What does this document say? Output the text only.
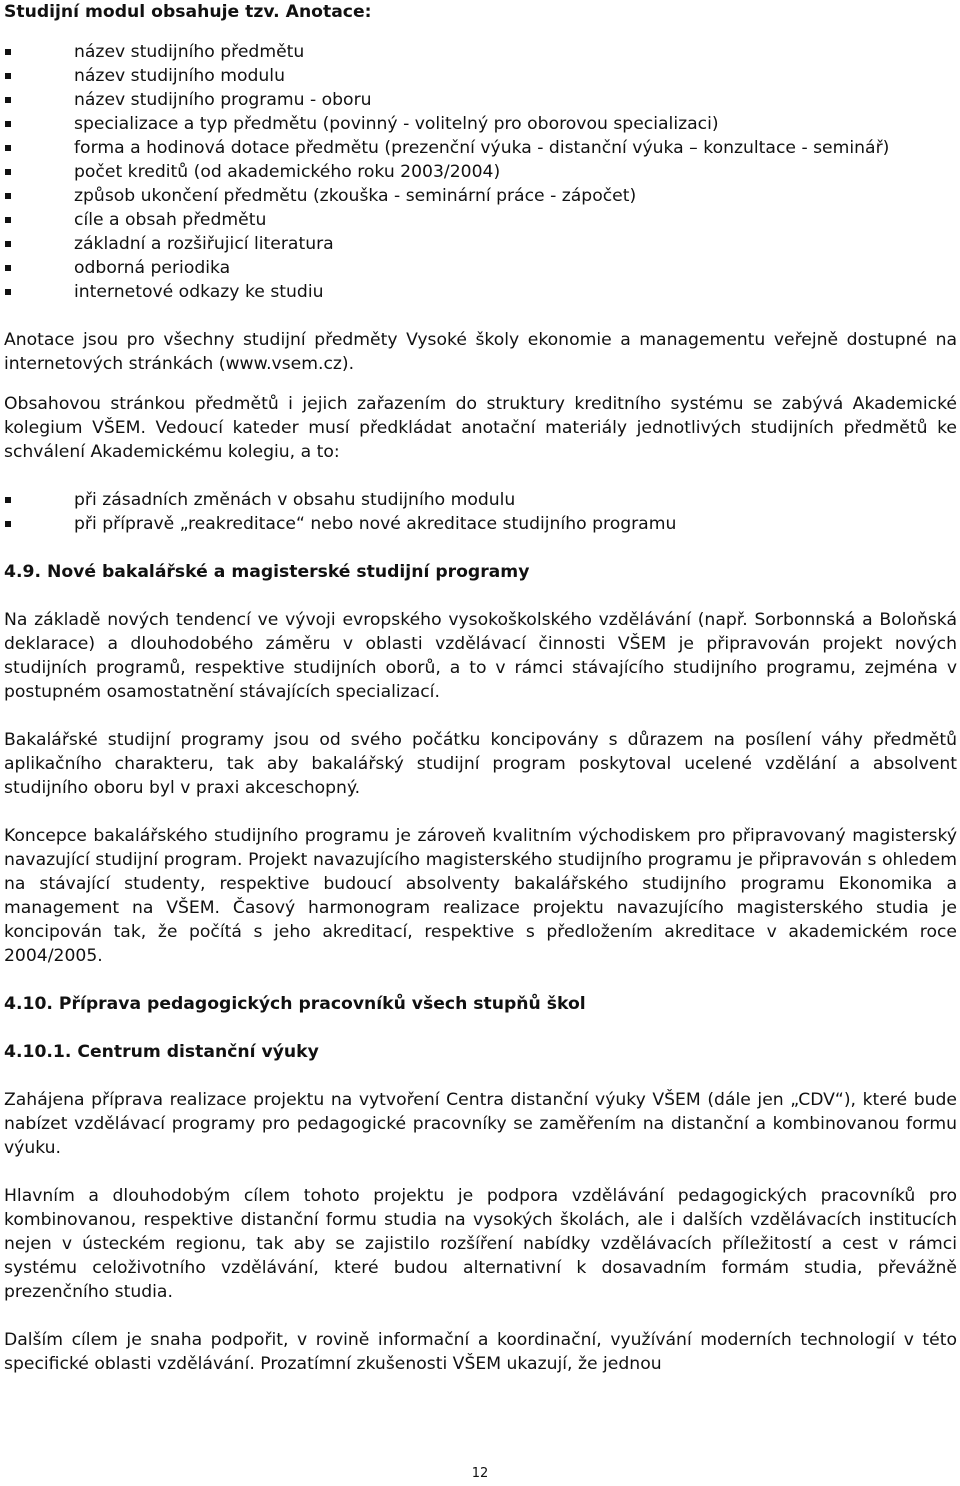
Studijní modul obsahuje tzv. Anotace:
název studijního předmětu
název studijního modulu
název studijního programu - oboru
specializace a typ předmětu (povinný - volitelný pro oborovou specializaci)
forma a hodinová dotace předmětu (prezenční výuka - distanční výuka – konzultace - seminář)
počet kreditů (od akademického roku 2003/2004)
způsob ukončení předmětu (zkouška - seminární práce - zápočet)
cíle a obsah předmětu
základní a rozšiřujicí literatura
odborná periodika
internetové odkazy ke studiu

Anotace jsou pro všechny studijní předměty Vysoké školy ekonomie a managementu veřejně dostupné na internetových stránkách (www.vsem.cz).

Obsahovou stránkou předmětů i jejich zařazením do struktury kreditního systému se zabývá Akademické kolegium VŠEM. Vedoucí kateder musí předkládat anotační materiály jednotlivých studijních předmětů ke schválení Akademickému kolegiu, a to:

při zásadních změnách v obsahu studijního modulu
při přípravě „reakreditace“ nebo nové akreditace studijního programu
4.9. Nové bakalářské a magisterské studijní programy

Na základě nových tendencí ve vývoji evropského vysokoškolského vzdělávání (např. Sorbonnská a Boloňská deklarace) a dlouhodobého záměru v oblasti vzdělávací činnosti VŠEM je připravován projekt nových studijních programů, respektive studijních oborů, a to v rámci stávajícího studijního programu, zejména v postupném osamostatnění stávajících specializací.

Bakalářské studijní programy jsou od svého počátku koncipovány s důrazem na posílení váhy předmětů aplikačního charakteru, tak aby bakalářský studijní program poskytoval ucelené vzdělání a absolvent studijního oboru byl v praxi akceschopný.

Koncepce bakalářského studijního programu je zároveň kvalitním východiskem pro připravovaný magisterský navazující studijní program. Projekt navazujícího magisterského studijního programu je připravován s ohledem na stávající studenty, respektive budoucí absolventy bakalářského studijního programu Ekonomika a management na VŠEM. Časový harmonogram realizace projektu navazujícího magisterského studia je koncipován tak, že počítá s jeho akreditací, respektive s předložením akreditace v akademickém roce 2004/2005.

4.10. Příprava pedagogických pracovníků všech stupňů škol
4.10.1. Centrum distanční výuky

Zahájena příprava realizace projektu na vytvoření Centra distanční výuky VŠEM (dále jen „CDV“), které bude nabízet vzdělávací programy pro pedagogické pracovníky se zaměřením na distanční a kombinovanou formu výuku.

Hlavním a dlouhodobým cílem tohoto projektu je podpora vzdělávání pedagogických pracovníků pro kombinovanou, respektive distanční formu studia na vysokých školách, ale i dalších vzdělávacích institucích nejen v ústeckém regionu, tak aby se zajistilo rozšíření nabídky vzdělávacích příležitostí a cest v rámci systému celoživotního vzdělávání, které budou alternativní k dosavadním formám studia, převážně prezenčního studia.

Dalším cílem je snaha podpořit, v rovině informační a koordinační, využívání moderních technologií v této specifické oblasti vzdělávání. Prozatímní zkušenosti VŠEM ukazují, že jednou

12
